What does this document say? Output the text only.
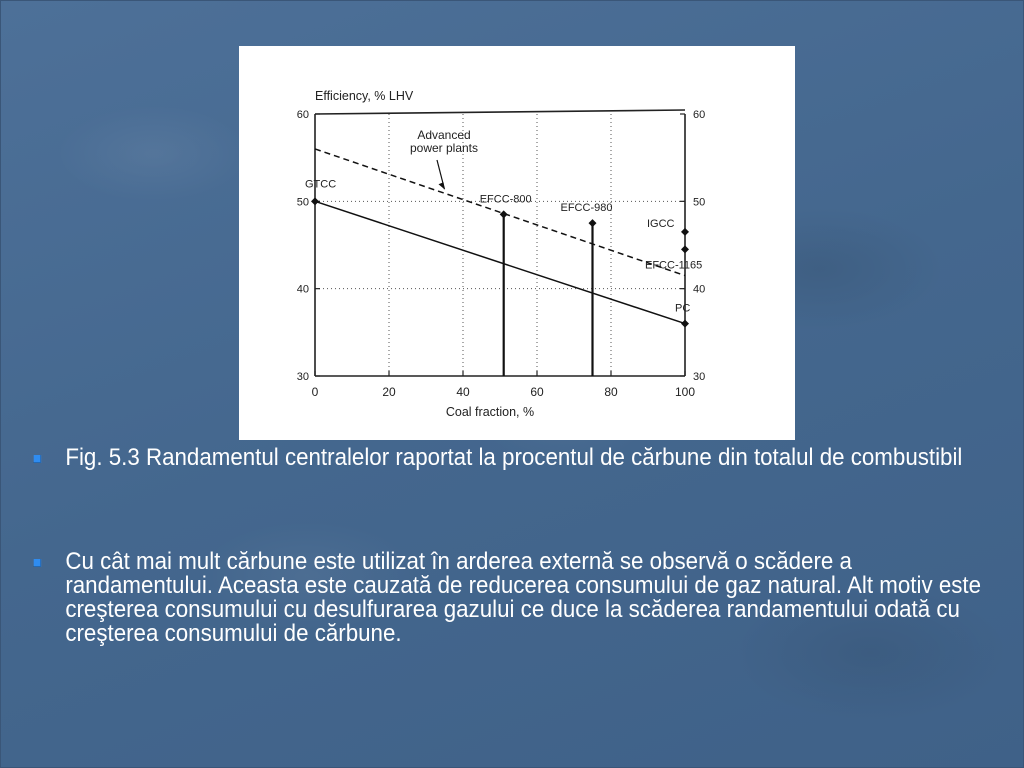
0	20	40	60	80	100
30	30
40	40
50	50
60	60
Efficiency, % LHV
Coal fraction, %
GTCC
EFCC-800
EFCC-980
IGCC
EFCC-1165
PC
Advanced
power plants
Fig. 5.3 Randamentul centralelor raportat la procentul de cărbune din totalul de combustibil
Cu cât mai mult cărbune este utilizat în arderea externă se observă o scădere a randamentului. Aceasta este cauzată de reducerea consumului de gaz natural. Alt motiv este creşterea consumului cu desulfurarea gazului ce duce la scăderea randamentului odată cu creşterea consumului de cărbune.
